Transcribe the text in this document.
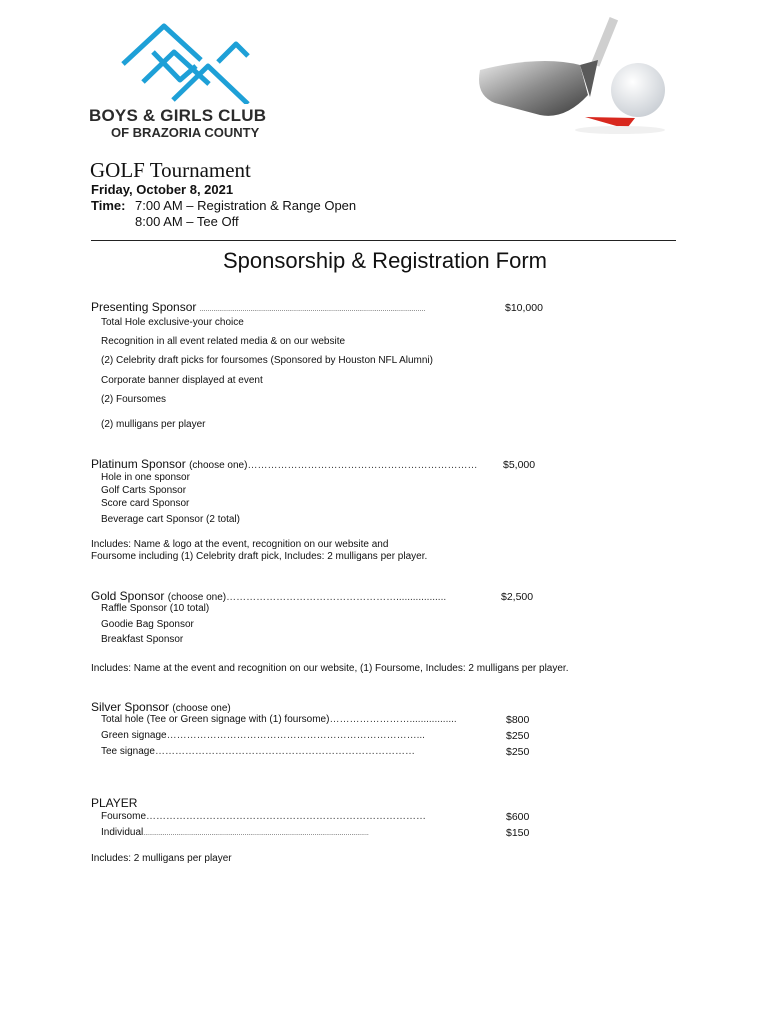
BOYS & GIRLS CLUB
OF BRAZORIA COUNTY
GOLF Tournament
Friday, October 8, 2021
Time: 7:00 AM – Registration & Range Open
8:00 AM – Tee Off
Sponsorship & Registration Form
Presenting Sponsor ....................................................................................................................	$10,000
Total Hole exclusive-your choice
Recognition in all event related media & on our website
(2) Celebrity draft picks for foursomes (Sponsored by Houston NFL Alumni)
Corporate banner displayed at event
(2) Foursomes
(2) mulligans per player
Platinum Sponsor (choose one)…………………………………………………………… $5,000
Hole in one sponsor
Golf Carts Sponsor
Score card Sponsor
Beverage cart Sponsor (2 total)
Includes: Name & logo at the event, recognition on our website and
Foursome including (1) Celebrity draft pick, Includes: 2 mulligans per player.
Gold Sponsor (choose one)……………………………………………..................	$2,500
Raffle Sponsor (10 total)
Goodie Bag Sponsor
Breakfast Sponsor
Includes: Name at the event and recognition on our website, (1) Foursome, Includes: 2 mulligans per player.
Silver Sponsor (choose one)
Total hole (Tee or Green signage with (1) foursome)…………………….................	$800
Green signage…………………………………………………………………...	$250
Tee signage……………………………………………………………………	$250
PLAYER
Foursome…………………………………………………………………………	$600
Individual....................................................................................................................	$150
Includes: 2 mulligans per player
